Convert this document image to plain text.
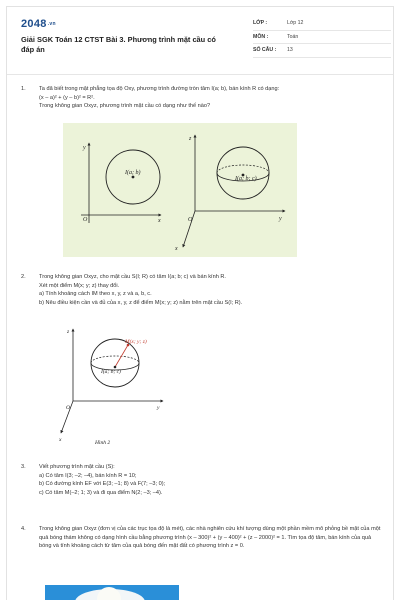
2048.vn
Giải SGK Toán 12 CTST Bài 3. Phương trình mặt cầu có đáp án
LỚP :	Lớp 12
MÔN :	Toán
SỐ CÂU :	13
1.	Ta đã biết trong mặt phẳng tọa độ Oxy, phương trình đường tròn tâm I(a; b), bán kính R có dạng:

(x – a)² + (y – b)² = R².

Trong không gian Oxyz, phương trình mặt cầu có dạng như thế nào?

I(a; b)
O	x
y
I(a; b; c)
O
z
y
x
2.	Trong không gian Oxyz, cho mặt cầu S(I; R) có tâm I(a; b; c) và bán kính R.

Xét một điểm M(x; y; z) thay đổi.

a) Tính khoảng cách IM theo x, y, z và a, b, c.

b) Nêu điều kiện cần và đủ của x, y, z để điểm M(x; y; z) nằm trên mặt cầu S(I; R).

M(x; y; z)
I(a; b; c)
O
z
y
x	Hình 2
3.	Viết phương trình mặt cầu (S):

a) Có tâm I(3; –2; –4), bán kính R = 10;

b) Có đường kính EF với E(3; –1; 8) và F(7; –3; 0);

c) Có tâm M(–2; 1; 3) và đi qua điểm N(2; –3; –4).

4.	Trong không gian Oxyz (đơn vị của các trục tọa độ là mét), các nhà nghiên cứu khí tượng dùng một phần mềm mô phỏng bề mặt của một quả bóng thám không có dạng hình cầu bằng phương trình (x – 300)² + (y – 400)² + (z – 2000)² = 1. Tìm tọa độ tâm, bán kính của quả bóng và tính khoảng cách từ tâm của quả bóng đến mặt đất có phương trình z = 0.
